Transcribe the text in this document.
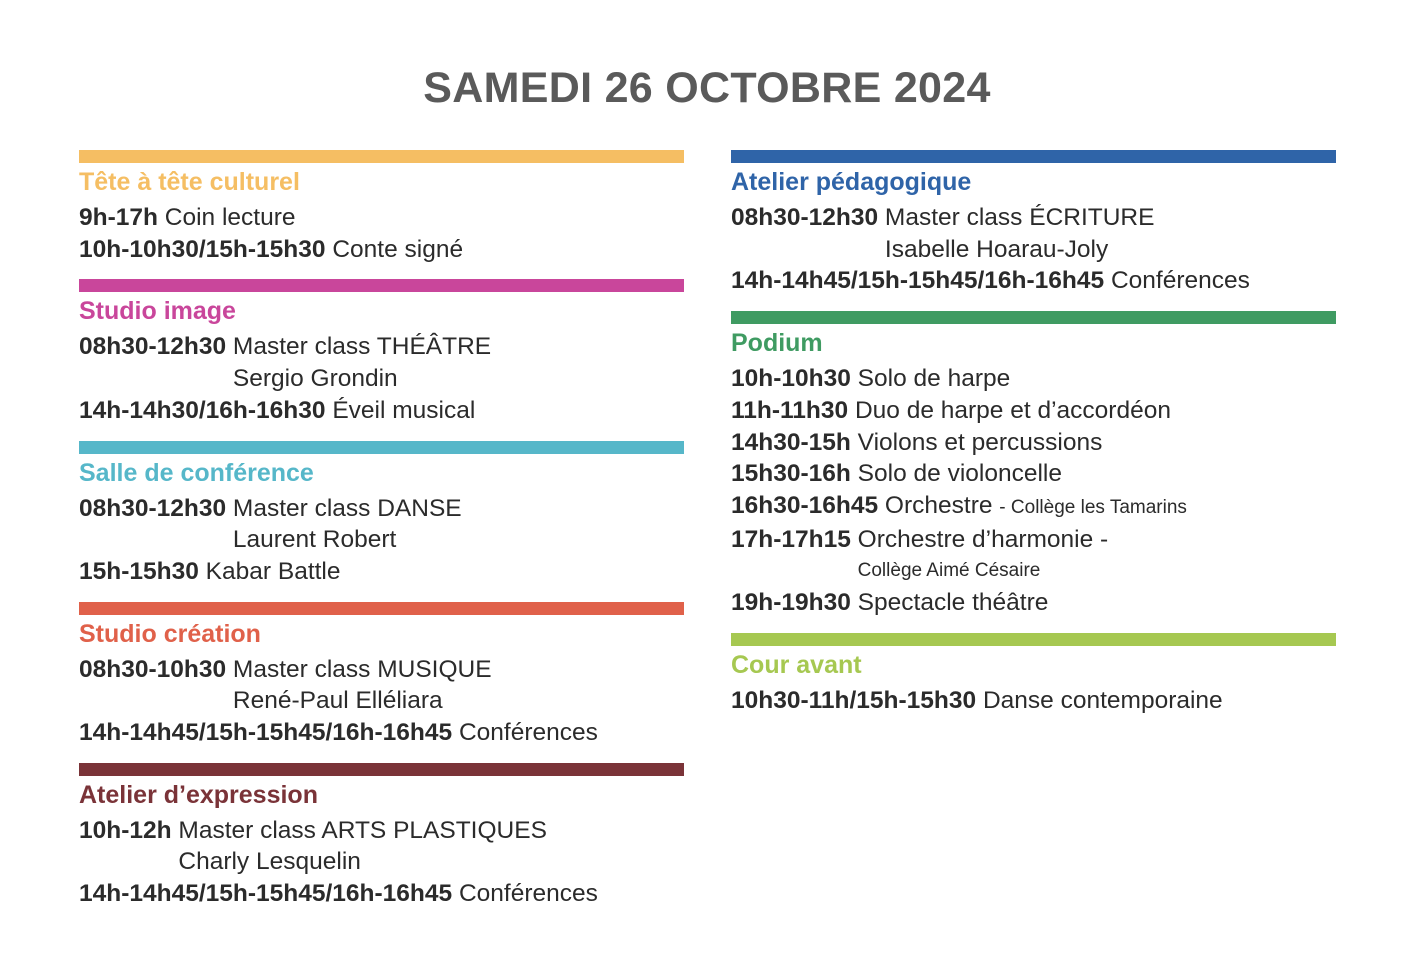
SAMEDI 26 OCTOBRE 2024
Tête à tête culturel
9h-17h Coin lecture
10h-10h30/15h-15h30 Conte signé
Studio image
08h30-12h30 Master class THÉÂTRE
Sergio Grondin
14h-14h30/16h-16h30 Éveil musical
Salle de conférence
08h30-12h30 Master class DANSE
Laurent Robert
15h-15h30 Kabar Battle
Studio création
08h30-10h30 Master class MUSIQUE
René-Paul Elléliara
14h-14h45/15h-15h45/16h-16h45 Conférences
Atelier d’expression
10h-12h Master class ARTS PLASTIQUES
Charly Lesquelin
14h-14h45/15h-15h45/16h-16h45 Conférences
Atelier pédagogique
08h30-12h30 Master class ÉCRITURE
Isabelle Hoarau-Joly
14h-14h45/15h-15h45/16h-16h45 Conférences
Podium
10h-10h30 Solo de harpe
11h-11h30 Duo de harpe et d’accordéon
14h30-15h Violons et percussions
15h30-16h Solo de violoncelle
16h30-16h45 Orchestre - Collège les Tamarins
17h-17h15 Orchestre d’harmonie -
Collège Aimé Césaire
19h-19h30 Spectacle théâtre
Cour avant
10h30-11h/15h-15h30 Danse contemporaine
